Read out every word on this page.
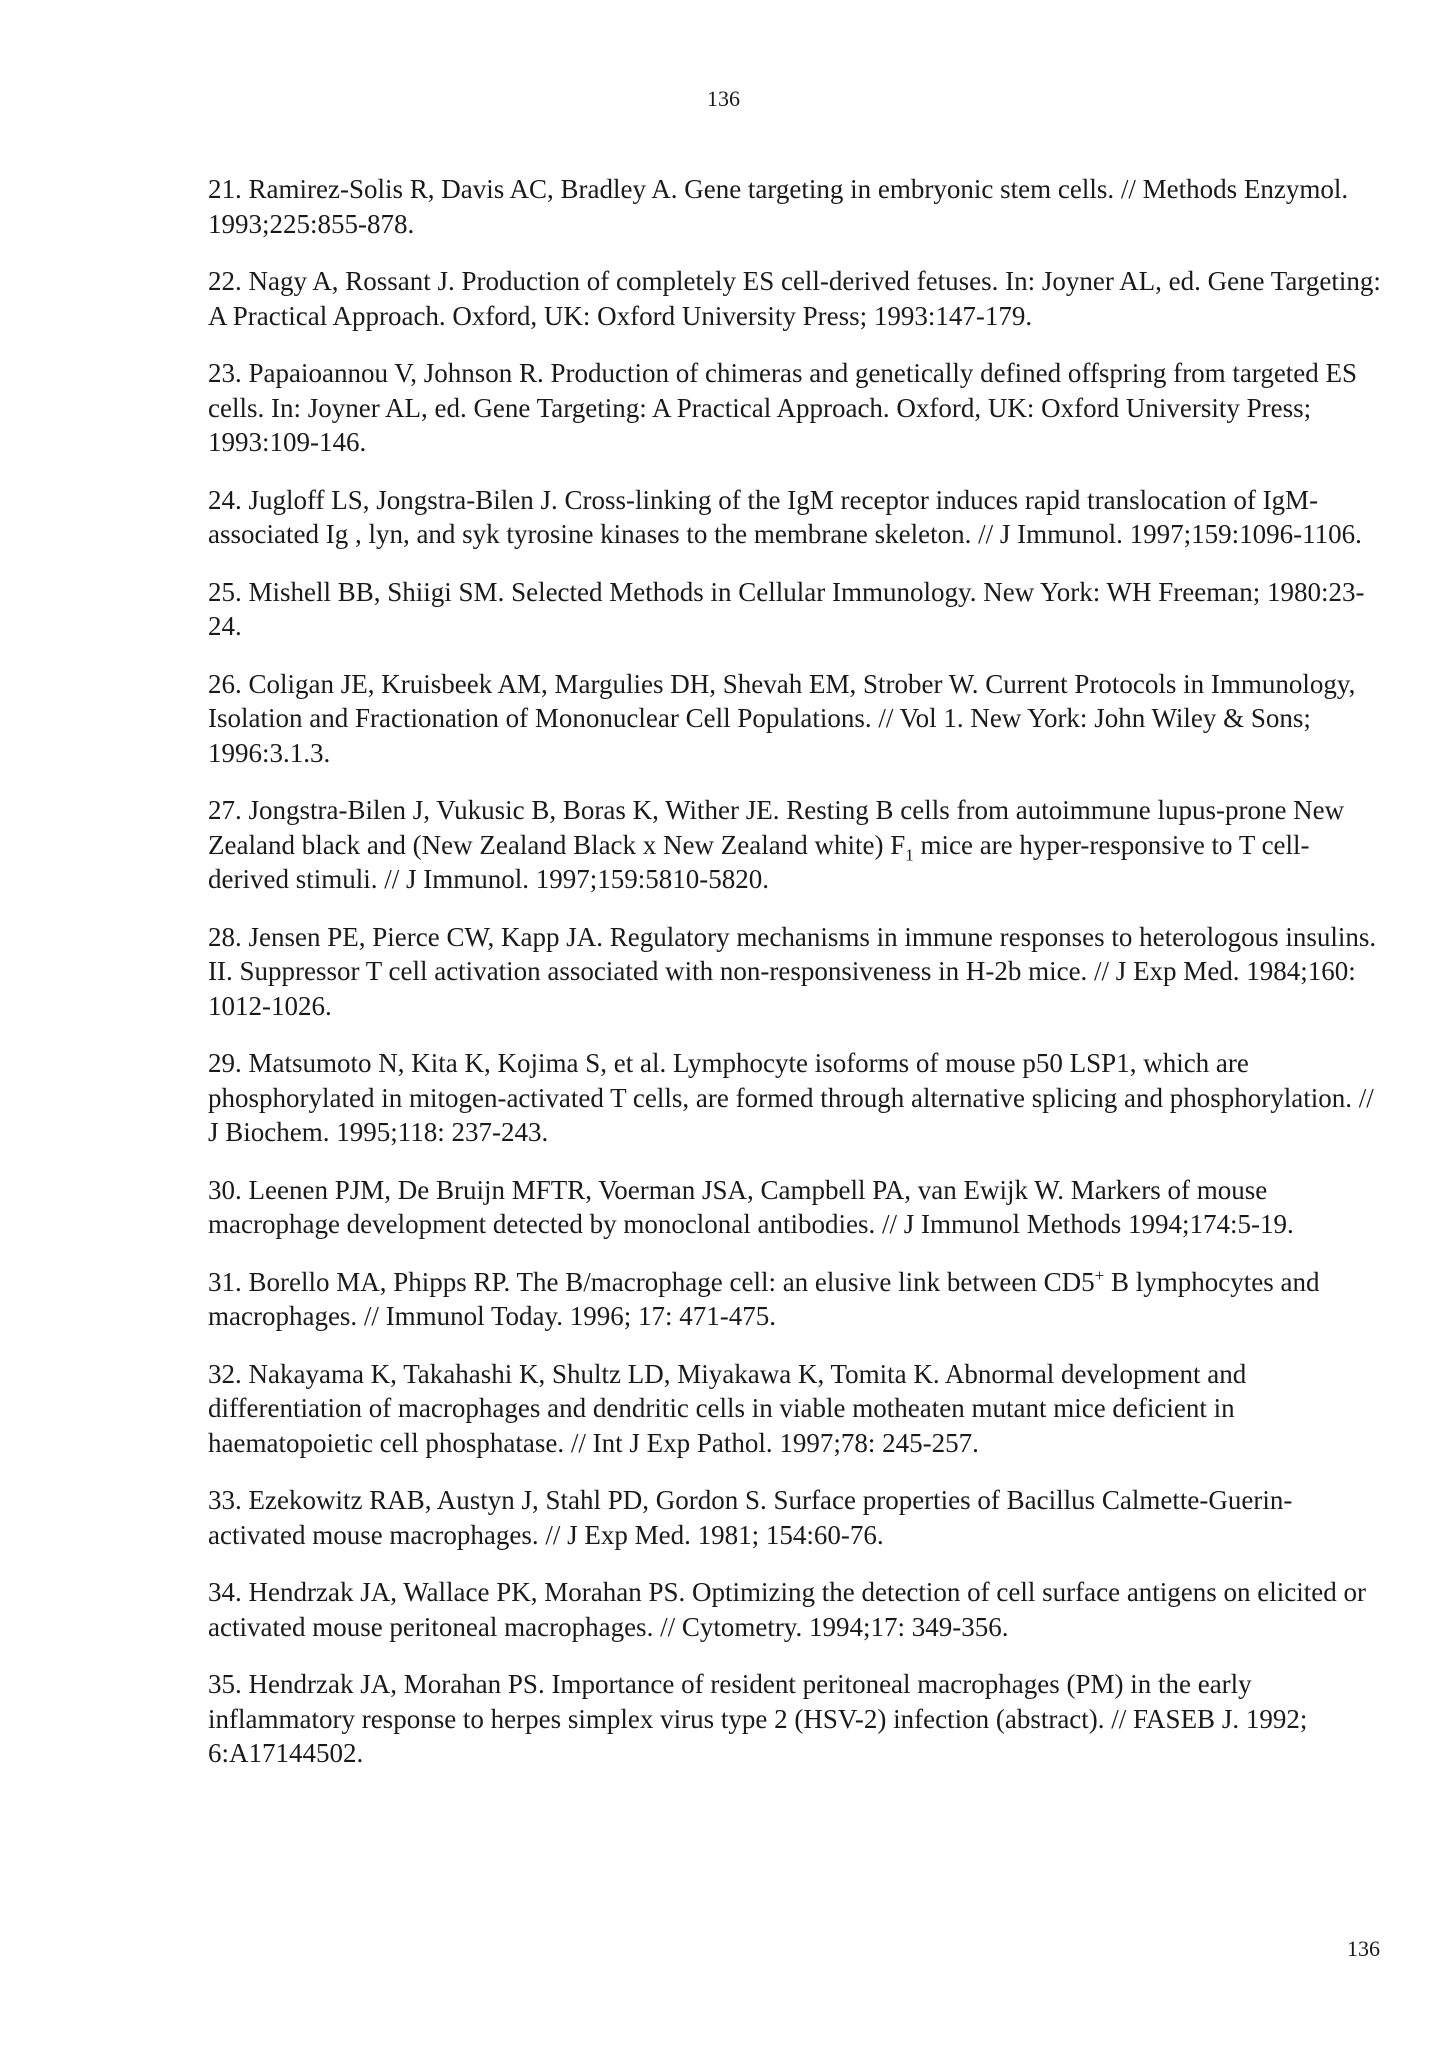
136

21. Ramirez-Solis R, Davis AC, Bradley A. Gene targeting in embryonic stem cells. // Methods Enzymol. 1993;225:855-878.

22. Nagy A, Rossant J. Production of completely ES cell-derived fetuses. In: Joyner AL, ed. Gene Targeting: A Practical Approach. Oxford, UK: Oxford University Press; 1993:147-179.

23. Papaioannou V, Johnson R. Production of chimeras and genetically defined offspring from targeted ES cells. In: Joyner AL, ed. Gene Targeting: A Practical Approach. Oxford, UK: Oxford University Press; 1993:109-146.

24. Jugloff LS, Jongstra-Bilen J. Cross-linking of the IgM receptor induces rapid translocation of IgM-associated Ig , lyn, and syk tyrosine kinases to the membrane skeleton. // J Immunol. 1997;159:1096-1106.

25. Mishell BB, Shiigi SM. Selected Methods in Cellular Immunology. New York: WH Freeman; 1980:23-24.

26. Coligan JE, Kruisbeek AM, Margulies DH, Shevah EM, Strober W. Current Protocols in Immunology, Isolation and Fractionation of Mononuclear Cell Populations. // Vol 1. New York: John Wiley & Sons; 1996:3.1.3.

27. Jongstra-Bilen J, Vukusic B, Boras K, Wither JE. Resting B cells from autoimmune lupus-prone New Zealand black and (New Zealand Black x New Zealand white) $F_1$ mice are hyper-responsive to T cell-derived stimuli. // J Immunol. 1997;159:5810-5820.

28. Jensen PE, Pierce CW, Kapp JA. Regulatory mechanisms in immune responses to heterologous insulins. II. Suppressor T cell activation associated with non-responsiveness in H-2b mice. // J Exp Med. 1984;160: 1012-1026.

29. Matsumoto N, Kita K, Kojima S, et al. Lymphocyte isoforms of mouse p50 LSP1, which are phosphorylated in mitogen-activated T cells, are formed through alternative splicing and phosphorylation. // J Biochem. 1995;118: 237-243.

30. Leenen PJM, De Bruijn MFTR, Voerman JSA, Campbell PA, van Ewijk W. Markers of mouse macrophage development detected by monoclonal antibodies. // J Immunol Methods 1994;174:5-19.

31. Borello MA, Phipps RP. The B/macrophage cell: an elusive link between CD5+ B lymphocytes and macrophages. // Immunol Today. 1996; 17: 471-475.

32. Nakayama K, Takahashi K, Shultz LD, Miyakawa K, Tomita K. Abnormal development and differentiation of macrophages and dendritic cells in viable motheaten mutant mice deficient in haematopoietic cell phosphatase. // Int J Exp Pathol. 1997;78: 245-257.

33. Ezekowitz RAB, Austyn J, Stahl PD, Gordon S. Surface properties of Bacillus Calmette-Guerin-activated mouse macrophages. // J Exp Med. 1981; 154:60-76.

34. Hendrzak JA, Wallace PK, Morahan PS. Optimizing the detection of cell surface antigens on elicited or activated mouse peritoneal macrophages. // Cytometry. 1994;17: 349-356.

35. Hendrzak JA, Morahan PS. Importance of resident peritoneal macrophages (PM) in the early inflammatory response to herpes simplex virus type 2 (HSV-2) infection (abstract). // FASEB J. 1992; 6:A17144502.

136
